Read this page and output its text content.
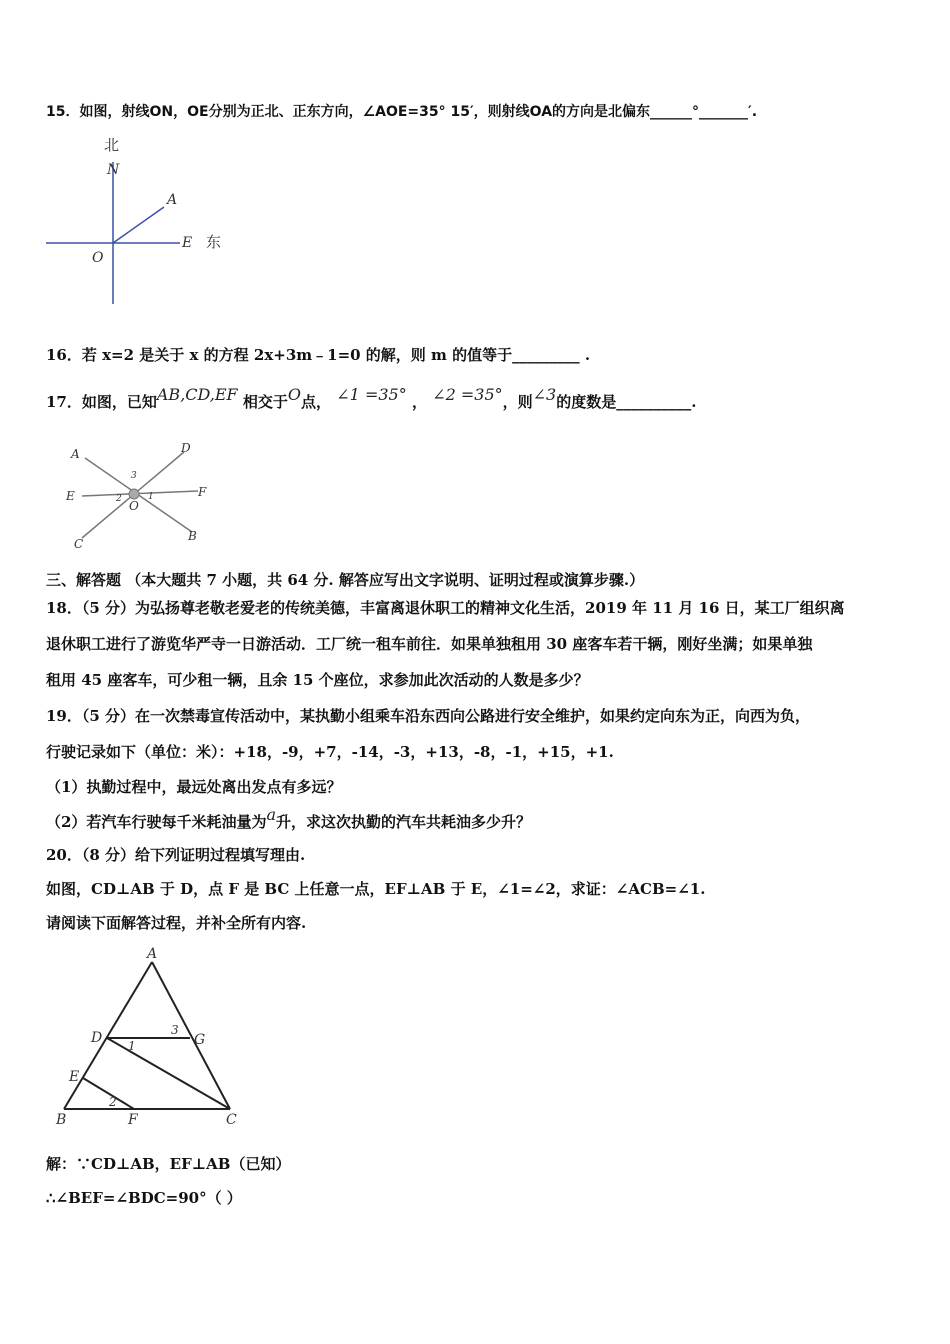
15．如图，射线ON，OE分别为正北、正东方向，∠AOE=35° 15′，则射线OA的方向是北偏东______°_______′.
北
N
A
O
E 东
16．若 x=2 是关于 x 的方程 2x+3m﹣1=0 的解，则 m 的值等于_________ .
17．如图，已知AB,CD,EF 相交于O点， ∠1 =35° ， ∠2 =35°，则∠3的度数是__________.
A	D
E	F
C
B
O
3
2	1
三、解答题 （本大题共 7 小题，共 64 分. 解答应写出文字说明、证明过程或演算步骤.）
18．（5 分）为弘扬尊老敬老爱老的传统美德，丰富离退休职工的精神文化生活，2019 年 11 月 16 日，某工厂组织离
退休职工进行了游览华严寺一日游活动．工厂统一租车前往．如果单独租用 30 座客车若干辆，刚好坐满；如果单独
租用 45 座客车，可少租一辆，且余 15 个座位，求参加此次活动的人数是多少？
19．（5 分）在一次禁毒宣传活动中，某执勤小组乘车沿东西向公路进行安全维护，如果约定向东为正，向西为负，
行驶记录如下（单位：米）：+18，-9，+7，-14，-3，+13，-8，-1，+15，+1.
（1）执勤过程中，最远处离出发点有多远？
（2）若汽车行驶每千米耗油量为a升，求这次执勤的汽车共耗油多少升？
20．（8 分）给下列证明过程填写理由.
如图，CD⊥AB 于 D，点 F 是 BC 上任意一点，EF⊥AB 于 E，∠1=∠2，求证：∠ACB=∠1.
请阅读下面解答过程，并补全所有内容.
A
D	G
E
B	F	C
1
2
3
解：∵CD⊥AB，EF⊥AB（已知）
∴∠BEF=∠BDC=90°（ ）
